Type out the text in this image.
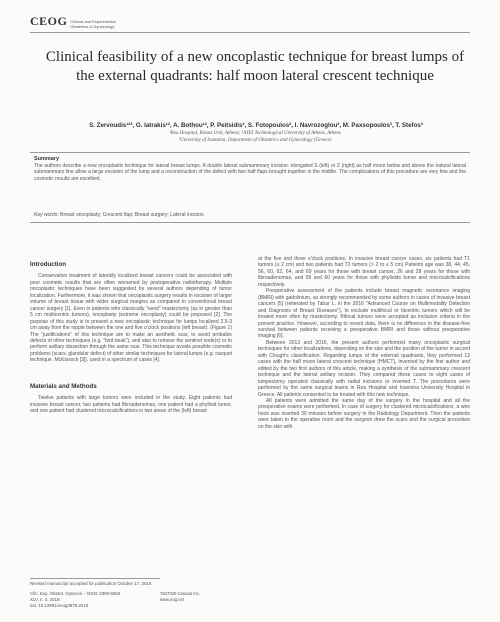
CEOG Clinical and Experimental
Obstetrics & Gynecology
Clinical feasibility of a new oncoplastic technique for breast lumps of the external quadrants: half moon lateral crescent technique
S. Zervoudis¹²³, G. Iatrakis¹², A. Bothou¹², P. Peitsidis², S. Fotopoulos², I. Navrozoglou³, M. Paxsopoulos³, T. Stefos³
¹Rea Hospital, Breast Unit, Athens; ²ATEI Technological University of Athens, Athens
³University of Ioannina, Department of Obstetrics and Gynecology (Greece)
Summary

The authors describe a new oncoplastic technique for lateral breast lumps. A double lateral submammary incision: elongated S (left) or Z (right) as half moon below and above the natural lateral submammary line allow a large excision of the lump and a reconstruction of the defect with two half flaps brought together in the middle. The complications of this procedure are very few and the cosmetic results are excellent.

Key words: Breast oncoplasty; Crescent flap; Breast surgery; Lateral incision.
Introduction

Conservative treatment of laterally localized breast cancers could be associated with poor cosmetic results that are often worsened by postoperative radiotherapy. Multiple oncoplastic techniques have been suggested by several authors depending of tumor localization. Furthermore, it was shown that oncoplastic surgery results in excision of larger volume of breast tissue with wider surgical margins as compared to conventional breast cancer surgery [1]. Even in patients who classically "need" mastectomy (as in greater than 5 cm multicentric tumors), oncoplasty (extreme oncoplasty) could be proposed [2]. The purpose of this study is to present a new oncoplastic technique for lumps localized 2.5-3 cm away from the nipple between the one and five o'clock positions (left breast). (Figure 1) The "justifications" of this technique are to make an aesthetic scar, to avoid probable defects of other techniques (e.g. "bird beak"), and also to remove the sentinel node(s) or to perform axillary dissection through the same scar. This technique avoids possible cosmetic problems (scars, glandular defect) of other similar techniques for lateral lumps (e.g. racquet technique, McKissock [3]), used in a spectrum of cases [4].

Materials and Methods

Twelve patients with large tumors were included in the study. Eight patients had invasive breast cancer, two patients had fibroadenomas, one patient had a phylloid tumor, and one patient had clustered microcalcifications in two areas of the (left) breast

at the five and three o'clock positions. In invasive breast cancer cases, six patients had T1 tumors (≤ 2 cm) and two patients had T2 tumors (> 2 to ≤ 5 cm) Patients age was 38, 44, 45, 56, 60, 62, 64, and 69 years for those with breast cancer, 26 and 28 years for those with fibroadenomas, and 59 and 60 years for those with phylloids tumor and microcalcifications respectively.

Preoperative assessment of the patients include breast magnetic resonance imaging (BMRI) with gadolinium, as strongly recommended by some authors in cases of invasive breast cancers [5] (reiterated by Tabar L. in the 2016 "Advanced Course on Multimodality Detection and Diagnosis of Breast Diseases"), to exclude multifocal or bicentric tumors which will be treated more often by mastectomy. Bifocal tumors were accepted as inclusion criteria in the present practice. However, according to recent data, there is no difference in the disease-free survival between patients receiving a preoperative BMRI and those without preoperative imaging [6].

Between 2013 and 2016, the present authors performed many oncoplastic surgical techniques for other localizations, depending on the size and the position of the tumor in accord with Clough's classification. Regarding lumps of the external quadrants, they performed 12 cases with the half moon lateral crescent technique (HMCT), invented by the first author and edited by the two first authors of this article, making a synthesis of the submammary crescent technique and the lateral axillary incision. They compared these cases to eight cases of lumpectomy operated classically with radial incisions or inverted T. The procedures were performed by the same surgical teams in Rea Hospital and Ioannina University Hospital in Greece. All patients consented to be treated with this new technique.

All patients were admitted the same day of the surgery in the hospital and all the preoperative exams were performed. In case of surgery for clustered microcalcifications, a wire hook was inserted 30 minutes before surgery in the Radiology Department. Then the patients were taken to the operative room and the surgeon drew the scars and the surgical procedure on the skin with

Revised manuscript accepted for publication October 17, 2016
Clin. Exp. Obstet. Gynecol. - ISSN: 0390-6663
XLV, n. 3, 2018
doi: 10.12891/ceog3979.2018
7847030 Canada Inc.
www.irog.net
